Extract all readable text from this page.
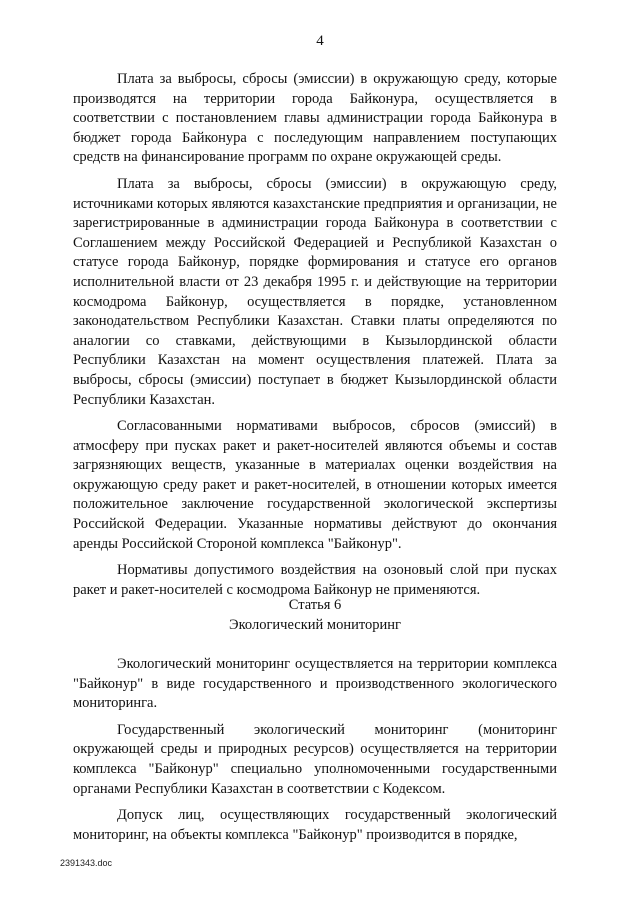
4

Плата за выбросы, сбросы (эмиссии) в окружающую среду, которые производятся на территории города Байконура, осуществляется в соответствии с постановлением главы администрации города Байконура в бюджет города Байконура с последующим направлением поступающих средств на финансирование программ по охране окружающей среды.

Плата за выбросы, сбросы (эмиссии) в окружающую среду, источниками которых являются казахстанские предприятия и организации, не зарегистрированные в администрации города Байконура в соответствии с Соглашением между Российской Федерацией и Республикой Казахстан о статусе города Байконур, порядке формирования и статусе его органов исполнительной власти от 23 декабря 1995 г. и действующие на территории космодрома Байконур, осуществляется в порядке, установленном законодательством Республики Казахстан. Ставки платы определяются по аналогии со ставками, действующими в Кызылординской области Республики Казахстан на момент осуществления платежей. Плата за выбросы, сбросы (эмиссии) поступает в бюджет Кызылординской области Республики Казахстан.

Согласованными нормативами выбросов, сбросов (эмиссий) в атмосферу при пусках ракет и ракет-носителей являются объемы и состав загрязняющих веществ, указанные в материалах оценки воздействия на окружающую среду ракет и ракет-носителей, в отношении которых имеется положительное заключение государственной экологической экспертизы Российской Федерации. Указанные нормативы действуют до окончания аренды Российской Стороной комплекса "Байконур".

Нормативы допустимого воздействия на озоновый слой при пусках ракет и ракет-носителей с космодрома Байконур не применяются.

Статья 6

Экологический мониторинг

Экологический мониторинг осуществляется на территории комплекса "Байконур" в виде государственного и производственного экологического мониторинга.

Государственный экологический мониторинг (мониторинг окружающей среды и природных ресурсов) осуществляется на территории комплекса "Байконур" специально уполномоченными государственными органами Республики Казахстан в соответствии с Кодексом.

Допуск лиц, осуществляющих государственный экологический мониторинг, на объекты комплекса "Байконур" производится в порядке,

2391343.doc
